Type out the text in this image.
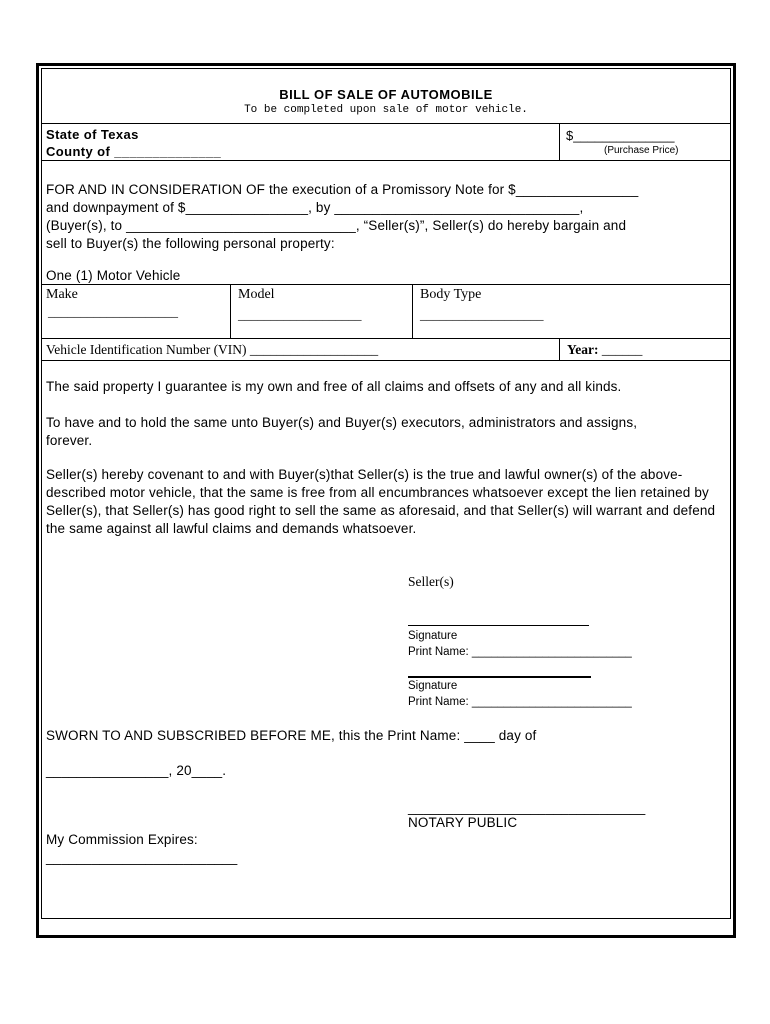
BILL OF SALE OF AUTOMOBILE
To be completed upon sale of motor vehicle.
State of Texas
County of ______________
$______________
(Purchase Price)
FOR AND IN CONSIDERATION OF the execution of a Promissory Note for $________________
and downpayment of $________________, by ________________________________,
(Buyer(s), to ______________________________, “Seller(s)”, Seller(s) do hereby bargain and
sell to Buyer(s) the following personal property:
One (1) Motor Vehicle
Make
____________________
Model
___________________
Body Type
___________________
Vehicle Identification Number (VIN) ___________________	Year: ______
The said property I guarantee is my own and free of all claims and offsets of any and all kinds.
To have and to hold the same unto Buyer(s) and Buyer(s) executors, administrators and assigns, forever.
Seller(s) hereby covenant to and with Buyer(s)that Seller(s) is the true and lawful owner(s) of the above-described motor vehicle, that the same is free from all encumbrances whatsoever except the lien retained by Seller(s), that Seller(s) has good right to sell the same as aforesaid, and that Seller(s) will warrant and defend the same against all lawful claims and demands whatsoever.
Seller(s)
Signature
Print Name: _________________________
Signature
Print Name: _________________________
SWORN TO AND SUBSCRIBED BEFORE ME, this the Print Name: ____ day of
________________, 20____.
_______________________________
NOTARY PUBLIC
My Commission Expires:
_________________________
